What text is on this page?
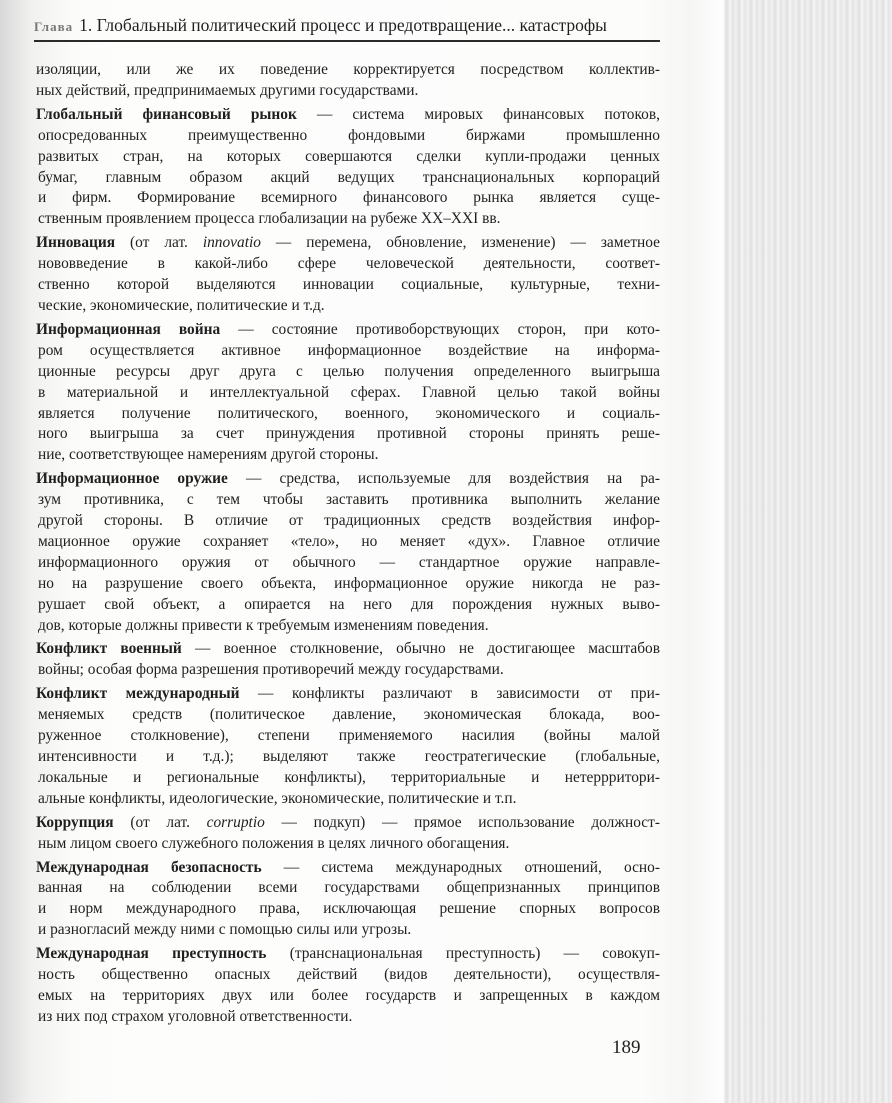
Глава 1. Глобальный политический процесс и предотвращение... катастрофы
изоляции, или же их поведение корректируется посредством коллектив-
ных действий, предпринимаемых другими государствами.
Глобальный финансовый рынок — система мировых финансовых потоков,
опосредованных преимущественно фондовыми биржами промышленно
развитых стран, на которых совершаются сделки купли-продажи ценных
бумаг, главным образом акций ведущих транснациональных корпораций
и фирм. Формирование всемирного финансового рынка является суще-
ственным проявлением процесса глобализации на рубеже XX–XXI вв.
Инновация (от лат. innovatio — перемена, обновление, изменение) — заметное
нововведение в какой-либо сфере человеческой деятельности, соответ-
ственно которой выделяются инновации социальные, культурные, техни-
ческие, экономические, политические и т.д.
Информационная война — состояние противоборствующих сторон, при кото-
ром осуществляется активное информационное воздействие на информа-
ционные ресурсы друг друга с целью получения определенного выигрыша
в материальной и интеллектуальной сферах. Главной целью такой войны
является получение политического, военного, экономического и социаль-
ного выигрыша за счет принуждения противной стороны принять реше-
ние, соответствующее намерениям другой стороны.
Информационное оружие — средства, используемые для воздействия на ра-
зум противника, с тем чтобы заставить противника выполнить желание
другой стороны. В отличие от традиционных средств воздействия инфор-
мационное оружие сохраняет «тело», но меняет «дух». Главное отличие
информационного оружия от обычного — стандартное оружие направле-
но на разрушение своего объекта, информационное оружие никогда не раз-
рушает свой объект, а опирается на него для порождения нужных выво-
дов, которые должны привести к требуемым изменениям поведения.
Конфликт военный — военное столкновение, обычно не достигающее масштабов
войны; особая форма разрешения противоречий между государствами.
Конфликт международный — конфликты различают в зависимости от при-
меняемых средств (политическое давление, экономическая блокада, воо-
руженное столкновение), степени применяемого насилия (войны малой
интенсивности и т.д.); выделяют также геостратегические (глобальные,
локальные и региональные конфликты), территориальные и нетеррритори-
альные конфликты, идеологические, экономические, политические и т.п.
Коррупция (от лат. corruptio — подкуп) — прямое использование должност-
ным лицом своего служебного положения в целях личного обогащения.
Международная безопасность — система международных отношений, осно-
ванная на соблюдении всеми государствами общепризнанных принципов
и норм международного права, исключающая решение спорных вопросов
и разногласий между ними с помощью силы или угрозы.
Международная преступность (транснациональная преступность) — совокуп-
ность общественно опасных действий (видов деятельности), осуществля-
емых на территориях двух или более государств и запрещенных в каждом
из них под страхом уголовной ответственности.
189
